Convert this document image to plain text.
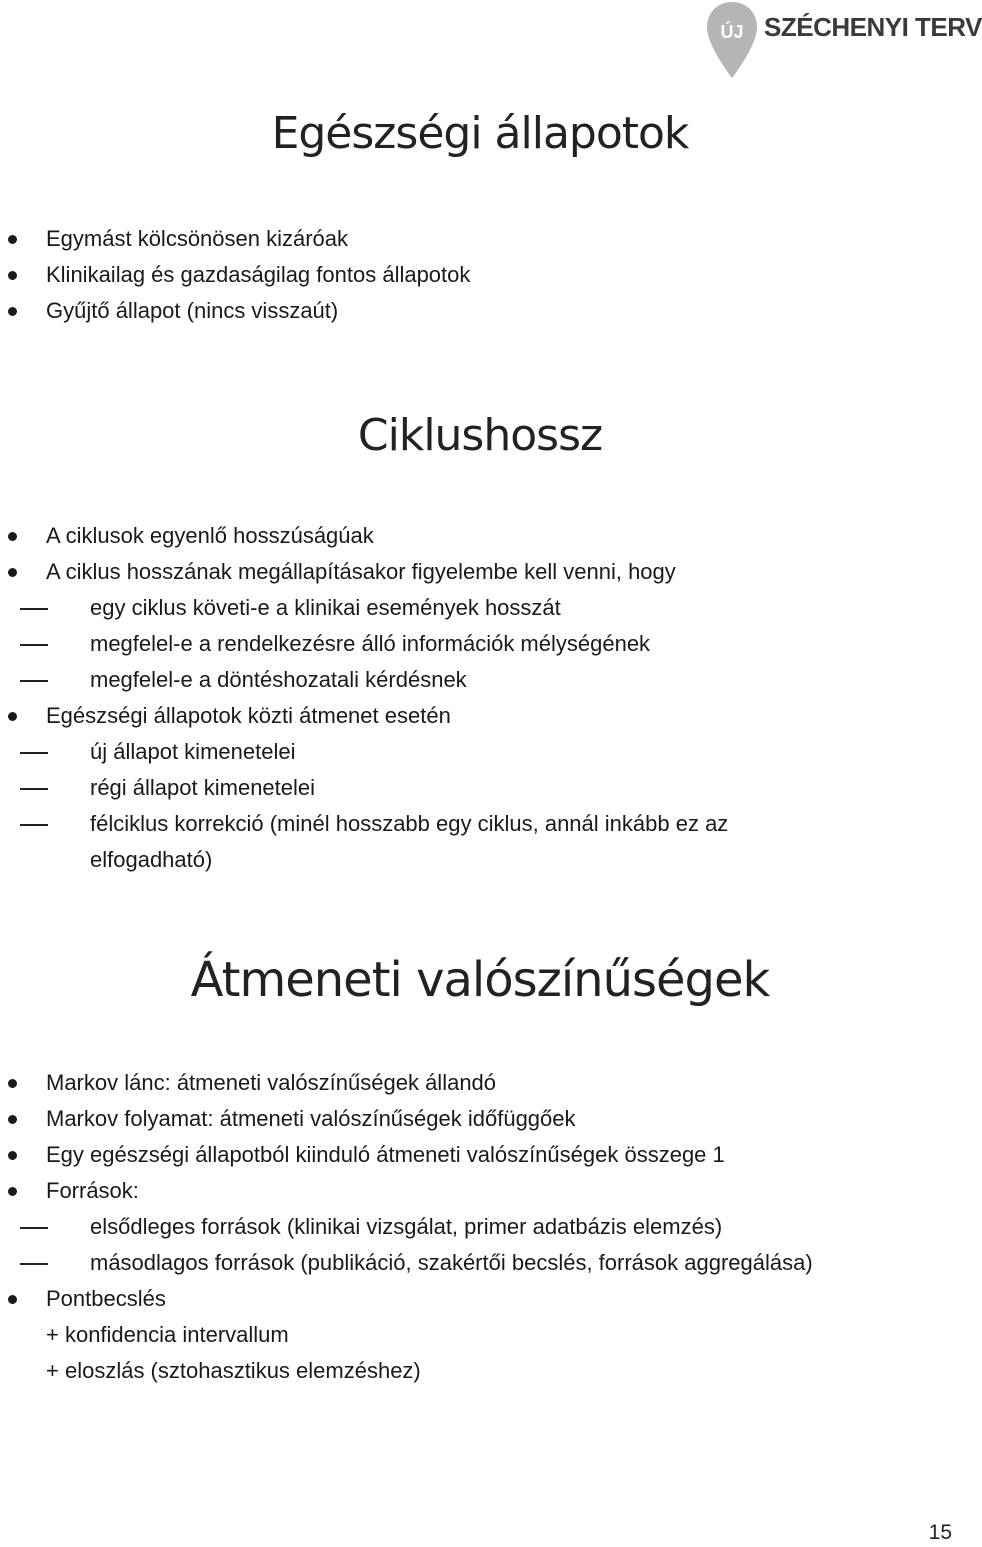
ÚJ SZÉCHENYI TERV
Egészségi állapotok
Egymást kölcsönösen kizáróak
Klinikailag és gazdaságilag fontos állapotok
Gyűjtő állapot (nincs visszaút)
Ciklushossz
A ciklusok egyenlő hosszúságúak
A ciklus hosszának megállapításakor figyelembe kell venni, hogy
egy ciklus követi-e a klinikai események hosszát
megfelel-e a rendelkezésre álló információk mélységének
megfelel-e a döntéshozatali kérdésnek
Egészségi állapotok közti átmenet esetén
új állapot kimenetelei
régi állapot kimenetelei
félciklus korrekció (minél hosszabb egy ciklus, annál inkább ez az
elfogadható)
Átmeneti valószínűségek
Markov lánc: átmeneti valószínűségek állandó
Markov folyamat: átmeneti valószínűségek időfüggőek
Egy egészségi állapotból kiinduló átmeneti valószínűségek összege 1
Források:
elsődleges források (klinikai vizsgálat, primer adatbázis elemzés)
másodlagos források (publikáció, szakértői becslés, források aggregálása)
Pontbecslés
+ konfidencia intervallum
+ eloszlás (sztohasztikus elemzéshez)
15
